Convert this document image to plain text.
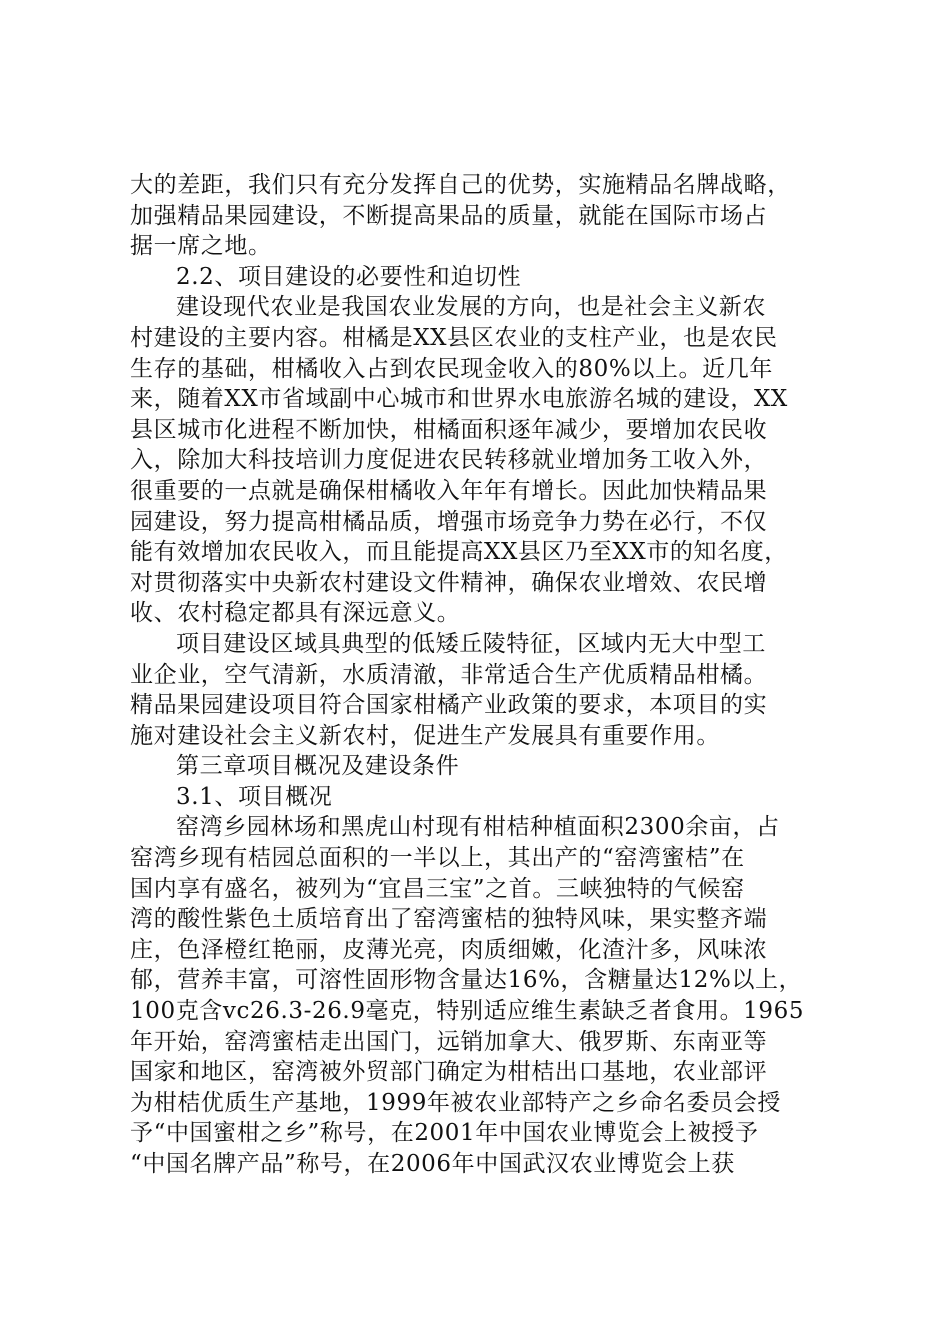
大的差距，我们只有充分发挥自己的优势，实施精品名牌战略，
加强精品果园建设，不断提高果品的质量，就能在国际市场占
据一席之地。

2.2、项目建设的必要性和迫切性

建设现代农业是我国农业发展的方向，也是社会主义新农
村建设的主要内容。柑橘是XX县区农业的支柱产业，也是农民
生存的基础，柑橘收入占到农民现金收入的80%以上。近几年
来，随着XX市省域副中心城市和世界水电旅游名城的建设，XX
县区城市化进程不断加快，柑橘面积逐年减少，要增加农民收
入，除加大科技培训力度促进农民转移就业增加务工收入外，
很重要的一点就是确保柑橘收入年年有增长。因此加快精品果
园建设，努力提高柑橘品质，增强市场竞争力势在必行，不仅
能有效增加农民收入，而且能提高XX县区乃至XX市的知名度，
对贯彻落实中央新农村建设文件精神，确保农业增效、农民增
收、农村稳定都具有深远意义。

项目建设区域具典型的低矮丘陵特征，区域内无大中型工
业企业，空气清新，水质清澈，非常适合生产优质精品柑橘。
精品果园建设项目符合国家柑橘产业政策的要求，本项目的实
施对建设社会主义新农村，促进生产发展具有重要作用。

第三章项目概况及建设条件

3.1、项目概况

窑湾乡园林场和黑虎山村现有柑桔种植面积2300余亩，占
窑湾乡现有桔园总面积的一半以上，其出产的“窑湾蜜桔”在
国内享有盛名，被列为“宜昌三宝”之首。三峡独特的气候窑
湾的酸性紫色土质培育出了窑湾蜜桔的独特风味，果实整齐端
庄，色泽橙红艳丽，皮薄光亮，肉质细嫩，化渣汁多，风味浓
郁，营养丰富，可溶性固形物含量达16%，含糖量达12%以上，
100克含vc26.3-26.9毫克，特别适应维生素缺乏者食用。1965
年开始，窑湾蜜桔走出国门，远销加拿大、俄罗斯、东南亚等
国家和地区，窑湾被外贸部门确定为柑桔出口基地，农业部评
为柑桔优质生产基地，1999年被农业部特产之乡命名委员会授
予“中国蜜柑之乡”称号，在2001年中国农业博览会上被授予
“中国名牌产品”称号，在2006年中国武汉农业博览会上获
